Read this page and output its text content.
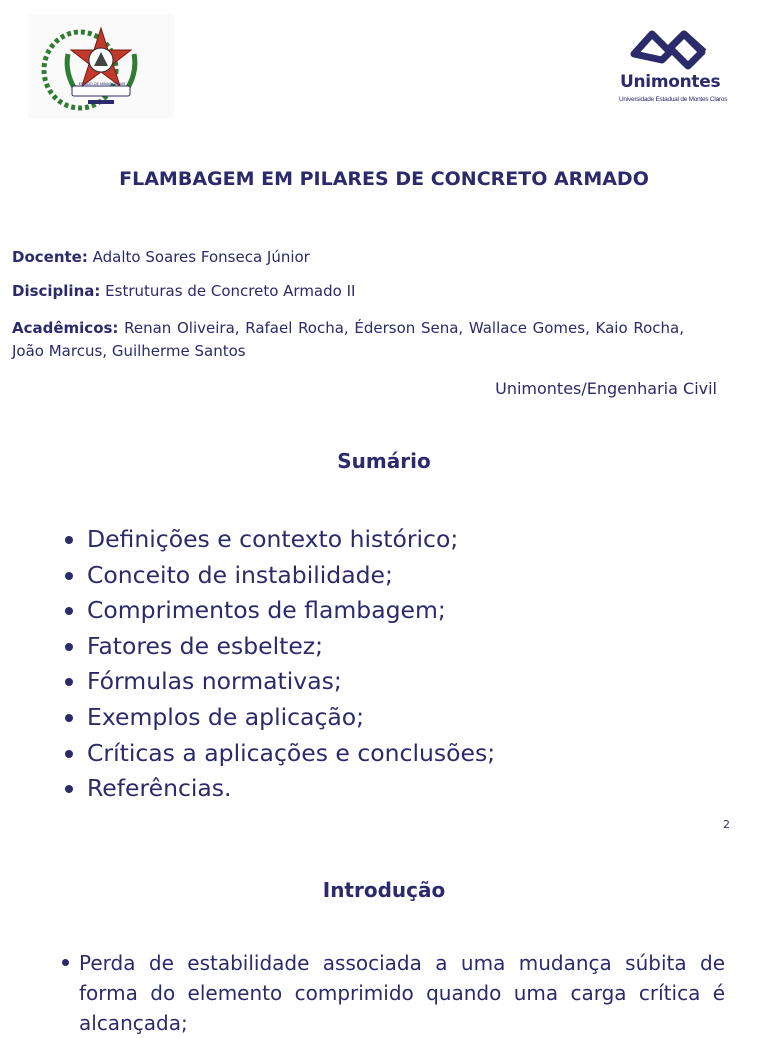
ESTADO DE MINAS GERAIS	Unimontes
Universidade Estadual de Montes Claros
FLAMBAGEM EM PILARES DE CONCRETO ARMADO
Docente: Adalto Soares Fonseca Júnior
Disciplina: Estruturas de Concreto Armado II
Acadêmicos: Renan Oliveira, Rafael Rocha, Éderson Sena, Wallace Gomes, Kaio Rocha, João Marcus, Guilherme Santos
Unimontes/Engenharia Civil
Sumário
Definições e contexto histórico;
Conceito de instabilidade;
Comprimentos de flambagem;
Fatores de esbeltez;
Fórmulas normativas;
Exemplos de aplicação;
Críticas a aplicações e conclusões;
Referências.
2
Introdução
Perda de estabilidade associada a uma mudança súbita de forma do elemento comprimido quando uma carga crítica é alcançada;
